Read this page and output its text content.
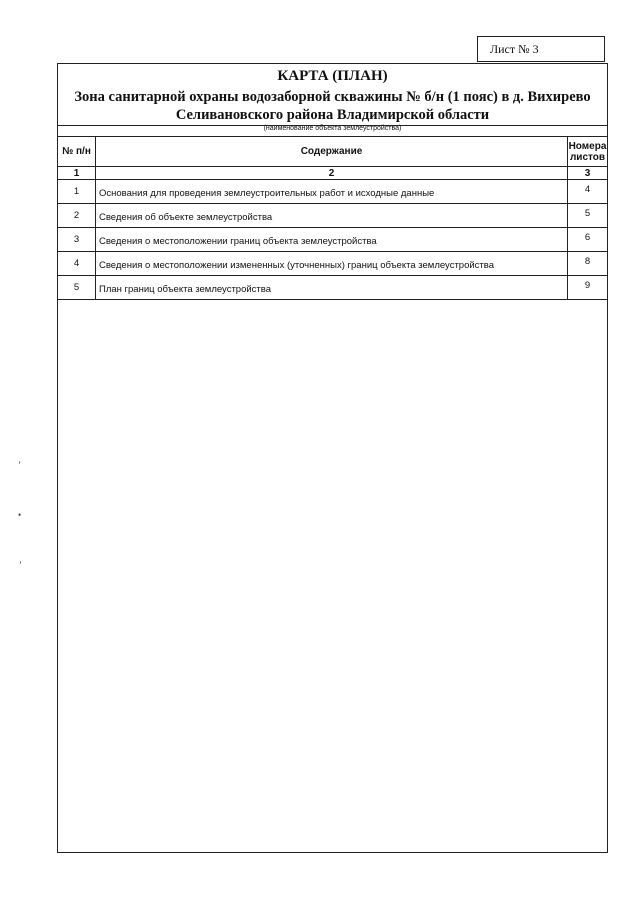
Лист № 3
КАРТА (ПЛАН)
Зона санитарной охраны водозаборной скважины № б/н (1 пояс) в д. Вихирево
Селивановского района Владимирской области
(наименование объекта землеустройства)
№ п/н	Содержание	Номера листов
1	2	3
1	Основания для проведения землеустроительных работ и исходные данные	4
2	Сведения об объекте землеустройства	5
3	Сведения о местоположении границ объекта землеустройства	6
4	Сведения о местоположении измененных (уточненных) границ объекта землеустройства	8
5	План границ объекта землеустройства	9
ʼ
•
ʼ
